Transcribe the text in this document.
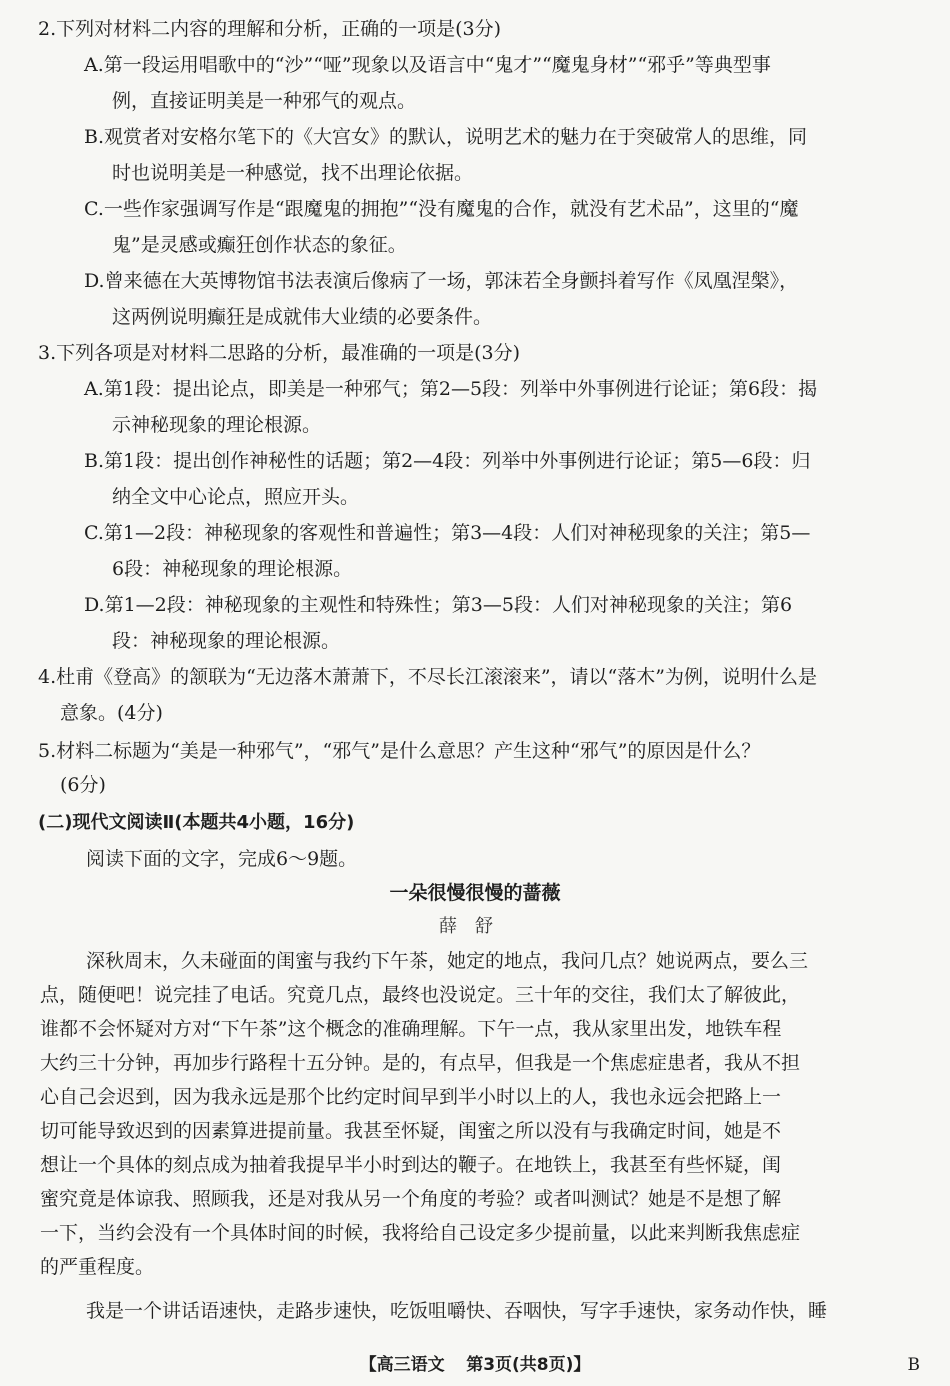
2.下列对材料二内容的理解和分析，正确的一项是(3分)
A.第一段运用唱歌中的“沙”“哑”现象以及语言中“鬼才”“魔鬼身材”“邪乎”等典型事
例，直接证明美是一种邪气的观点。
B.观赏者对安格尔笔下的《大宫女》的默认，说明艺术的魅力在于突破常人的思维，同
时也说明美是一种感觉，找不出理论依据。
C.一些作家强调写作是“跟魔鬼的拥抱”“没有魔鬼的合作，就没有艺术品”，这里的“魔
鬼”是灵感或癫狂创作状态的象征。
D.曾来德在大英博物馆书法表演后像病了一场，郭沫若全身颤抖着写作《凤凰涅槃》，
这两例说明癫狂是成就伟大业绩的必要条件。
3.下列各项是对材料二思路的分析，最准确的一项是(3分)
A.第1段：提出论点，即美是一种邪气；第2—5段：列举中外事例进行论证；第6段：揭
示神秘现象的理论根源。
B.第1段：提出创作神秘性的话题；第2—4段：列举中外事例进行论证；第5—6段：归
纳全文中心论点，照应开头。
C.第1—2段：神秘现象的客观性和普遍性；第3—4段：人们对神秘现象的关注；第5—
6段：神秘现象的理论根源。
D.第1—2段：神秘现象的主观性和特殊性；第3—5段：人们对神秘现象的关注；第6
段：神秘现象的理论根源。
4.杜甫《登高》的颔联为“无边落木萧萧下，不尽长江滚滚来”，请以“落木”为例，说明什么是
意象。(4分)
5.材料二标题为“美是一种邪气”，“邪气”是什么意思？产生这种“邪气”的原因是什么？
(6分)
(二)现代文阅读Ⅱ(本题共4小题，16分)
阅读下面的文字，完成6～9题。
一朵很慢很慢的蔷薇
薛舒
深秋周末，久未碰面的闺蜜与我约下午茶，她定的地点，我问几点？她说两点，要么三
点，随便吧！说完挂了电话。究竟几点，最终也没说定。三十年的交往，我们太了解彼此，
谁都不会怀疑对方对“下午茶”这个概念的准确理解。下午一点，我从家里出发，地铁车程
大约三十分钟，再加步行路程十五分钟。是的，有点早，但我是一个焦虑症患者，我从不担
心自己会迟到，因为我永远是那个比约定时间早到半小时以上的人，我也永远会把路上一
切可能导致迟到的因素算进提前量。我甚至怀疑，闺蜜之所以没有与我确定时间，她是不
想让一个具体的刻点成为抽着我提早半小时到达的鞭子。在地铁上，我甚至有些怀疑，闺
蜜究竟是体谅我、照顾我，还是对我从另一个角度的考验？或者叫测试？她是不是想了解
一下，当约会没有一个具体时间的时候，我将给自己设定多少提前量，以此来判断我焦虑症
的严重程度。
我是一个讲话语速快，走路步速快，吃饭咀嚼快、吞咽快，写字手速快，家务动作快，睡
【高三语文 第3页(共8页)】	B
